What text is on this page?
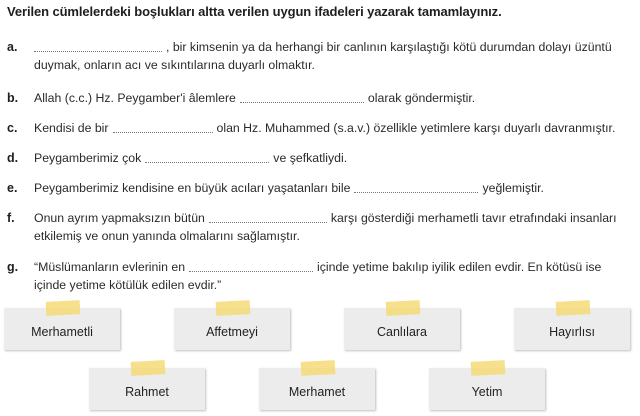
Verilen cümlelerdeki boşlukları altta verilen uygun ifadeleri yazarak tamamlayınız.
a.	, bir kimsenin ya da herhangi bir canlının karşılaştığı kötü durumdan dolayı üzüntü
duymak, onların acı ve sıkıntılarına duyarlı olmaktır.
b. Allah (c.c.) Hz. Peygamber'i âlemlere	olarak göndermiştir.
c. Kendisi de bir	olan Hz. Muhammed (s.a.v.) özellikle yetimlere karşı duyarlı davranmıştır.
d. Peygamberimiz çok	ve şefkatliydi.
e. Peygamberimiz kendisine en büyük acıları yaşatanları bile	yeğlemiştir.
f. Onun ayrım yapmaksızın bütün	karşı gösterdiği merhametli tavır etrafındaki insanları
etkilemiş ve onun yanında olmalarını sağlamıştır.
g. “Müslümanların evlerinin en	içinde yetime bakılıp iyilik edilen evdir. En kötüsü ise
içinde yetime kötülük edilen evdir.”
Merhametli	Affetmeyi	Canlılara	Hayırlısı
Rahmet	Merhamet	Yetim
